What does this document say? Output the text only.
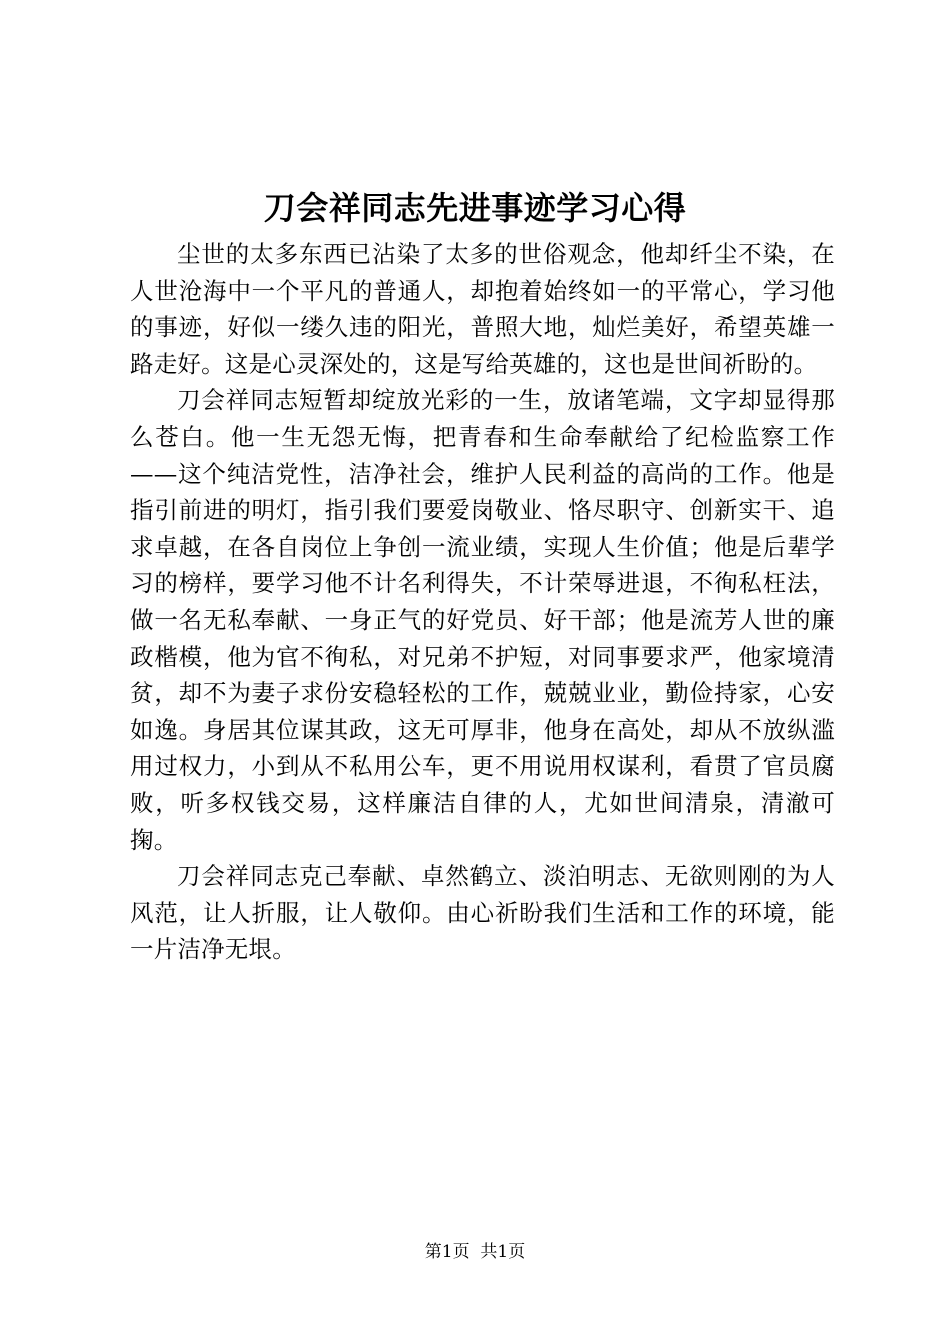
刀会祥同志先进事迹学习心得

尘世的太多东西已沾染了太多的世俗观念，他却纤尘不染，在人世沧海中一个平凡的普通人，却抱着始终如一的平常心，学习他的事迹，好似一缕久违的阳光，普照大地，灿烂美好，希望英雄一路走好。这是心灵深处的，这是写给英雄的，这也是世间祈盼的。

刀会祥同志短暂却绽放光彩的一生，放诸笔端，文字却显得那么苍白。他一生无怨无悔，把青春和生命奉献给了纪检监察工作——这个纯洁党性，洁净社会，维护人民利益的高尚的工作。他是指引前进的明灯，指引我们要爱岗敬业、恪尽职守、创新实干、追求卓越，在各自岗位上争创一流业绩，实现人生价值；他是后辈学习的榜样，要学习他不计名利得失，不计荣辱进退，不徇私枉法，做一名无私奉献、一身正气的好党员、好干部；他是流芳人世的廉政楷模，他为官不徇私，对兄弟不护短，对同事要求严，他家境清贫，却不为妻子求份安稳轻松的工作，兢兢业业，勤俭持家，心安如逸。身居其位谋其政，这无可厚非，他身在高处，却从不放纵滥用过权力，小到从不私用公车，更不用说用权谋利，看贯了官员腐败，听多权钱交易，这样廉洁自律的人，尤如世间清泉，清澈可掬。

刀会祥同志克己奉献、卓然鹤立、淡泊明志、无欲则刚的为人风范，让人折服，让人敬仰。由心祈盼我们生活和工作的环境，能一片洁净无垠。

第1页 共1页
